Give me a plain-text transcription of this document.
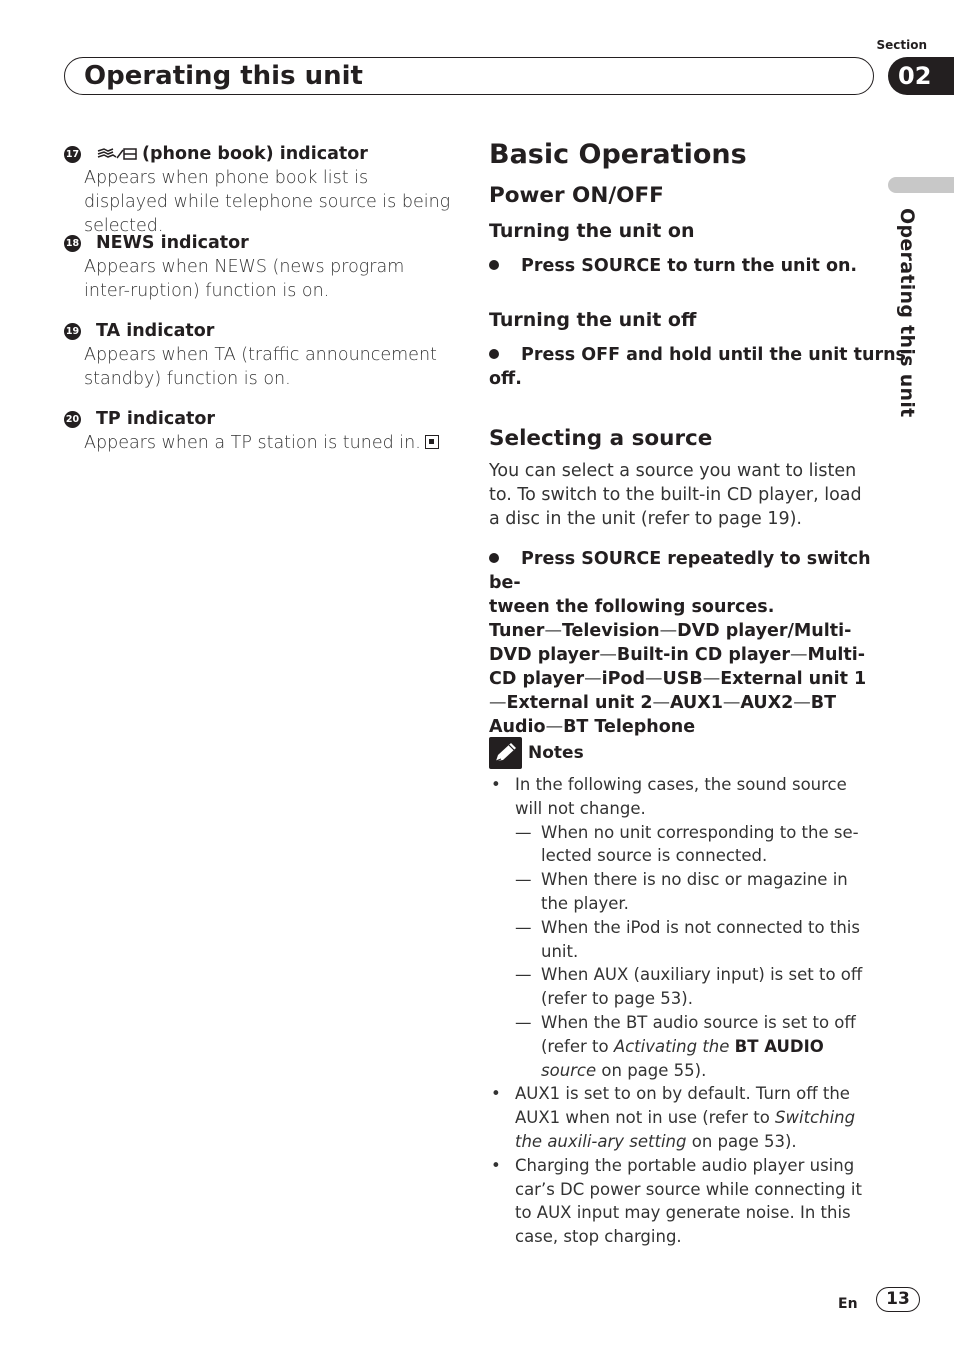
Section
Operating this unit	02
Operating this unit
17	(phone book) indicator
Appears when phone book list is displayed while telephone source is being selected.
18 NEWS indicator
Appears when NEWS (news program inter-ruption) function is on.
19 TA indicator
Appears when TA (traffic announcement standby) function is on.
20 TP indicator
Appears when a TP station is tuned in.
Basic Operations
Power ON/OFF
Turning the unit on
Press SOURCE to turn the unit on.
Turning the unit off
Press OFF and hold until the unit turns
off.
Selecting a source
You can select a source you want to listen to. To switch to the built-in CD player, load a disc in the unit (refer to page 19).
Press SOURCE repeatedly to switch be-
tween the following sources.
Tuner—Television—DVD player/Multi-DVD player—Built-in CD player—Multi-CD player—iPod—USB—External unit 1—External unit 2—AUX1—AUX2—BT Audio—BT Telephone
Notes
• In the following cases, the sound source will not change.
— When no unit corresponding to the se-lected source is connected.
— When there is no disc or magazine in the player.
— When the iPod is not connected to this unit.
— When AUX (auxiliary input) is set to off (refer to page 53).
— When the BT audio source is set to off (refer to Activating the BT AUDIO source on page 55).
• AUX1 is set to on by default. Turn off the AUX1 when not in use (refer to Switching the auxili-ary setting on page 53).
• Charging the portable audio player using car’s DC power source while connecting it to AUX input may generate noise. In this case, stop charging.
En	13
